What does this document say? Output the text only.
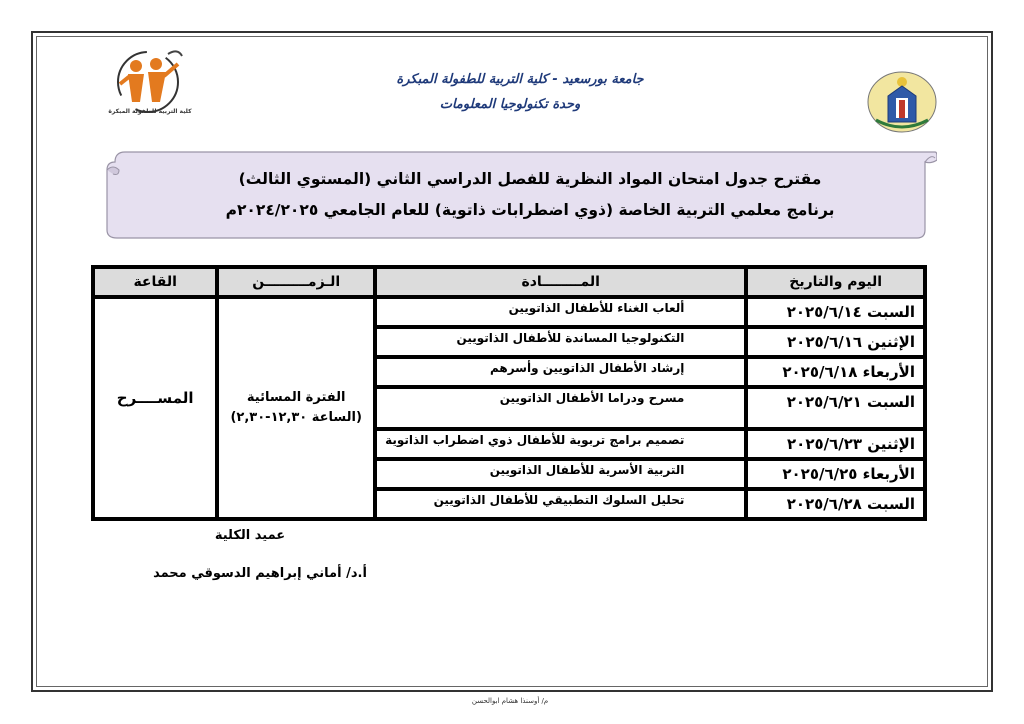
كلية التربية للطفولة المبكرة
جامعة بورسعيد - كلية التربية للطفولة المبكرة
وحدة تكنولوجيا المعلومات
مقترح جدول امتحان المواد النظرية للفصل الدراسي الثاني (المستوي الثالث)
برنامج معلمي التربية الخاصة (ذوي اضطرابات ذاتوية) للعام الجامعي ٢٠٢٤/٢٠٢٥م
اليوم والتاريخ	المــــــــادة	الـزمـــــــــن	القاعة
السبت ٢٠٢٥/٦/١٤	ألعاب الغناء للأطفال الذاتويين	الفترة المسائية
(الساعة ١٢,٣٠-٢,٣٠)	المســــرح
الإثنين ٢٠٢٥/٦/١٦	التكنولوجيا المساندة للأطفال الذاتويين		
الأربعاء ٢٠٢٥/٦/١٨	إرشاد الأطفال الذاتويين وأسرهم		
السبت ٢٠٢٥/٦/٢١	مسرح ودراما الأطفال الذاتويين		
الإثنين ٢٠٢٥/٦/٢٣	تصميم برامج تربوية للأطفال ذوي اضطراب الذاتوية		
الأربعاء ٢٠٢٥/٦/٢٥	التربية الأسرية للأطفال الذاتويين		
السبت ٢٠٢٥/٦/٢٨	تحليل السلوك التطبيقي للأطفال الذاتويين		
عميد الكلية
أ.د/ أماني إبراهيم الدسوقي محمد
م/ أوسنذا هشام ابوالحسن
